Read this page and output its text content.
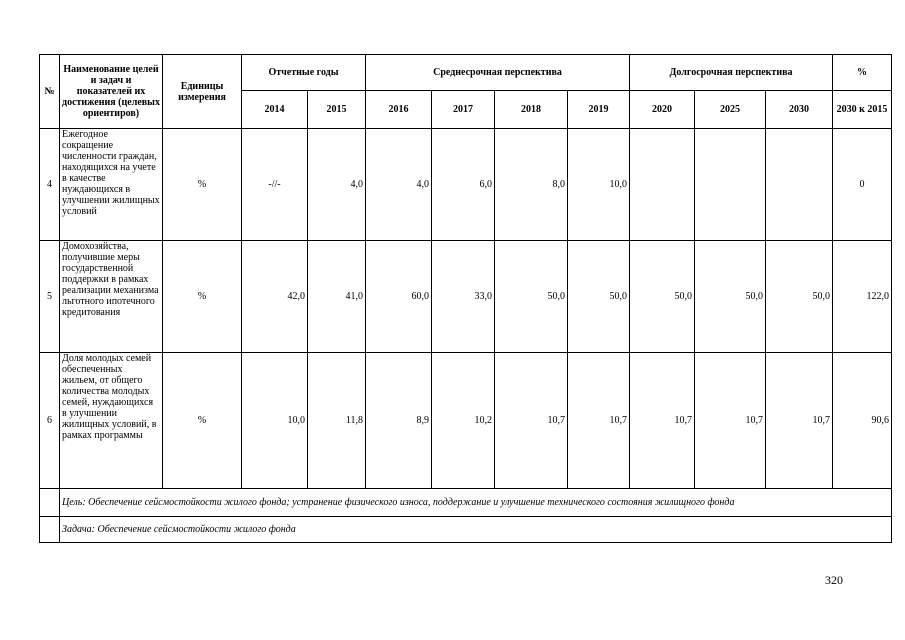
№	Наименование целей и задач и показателей их достижения (целевых ориентиров)	Единицы измерения	Отчетные годы		Среднесрочная перспектива				Долгосрочная перспектива			%
			2014	2015	2016	2017	2018	2019	2020	2025	2030	2030 к 2015
4	Ежегодное сокращение численности граждан, находящихся на учете в качестве нуждающихся в улучшении жилищных условий	%	-//-	4,0	4,0	6,0	8,0	10,0				0
5	Домохозяйства, получившие меры государственной поддержки в рамках реализации механизма льготного ипотечного кредитования	%	42,0	41,0	60,0	33,0	50,0	50,0	50,0	50,0	50,0	122,0
6	Доля молодых семей обеспеченных жильем, от общего количества молодых семей, нуждающихся в улучшении жилищных условий, в рамках программы	%	10,0	11,8	8,9	10,2	10,7	10,7	10,7	10,7	10,7	90,6
	Цель: Обеспечение сейсмостойкости жилого фонда; устранение физического износа, поддержание и улучшение технического состояния жилищного фонда											
	Задача: Обеспечение сейсмостойкости жилого фонда											
320
